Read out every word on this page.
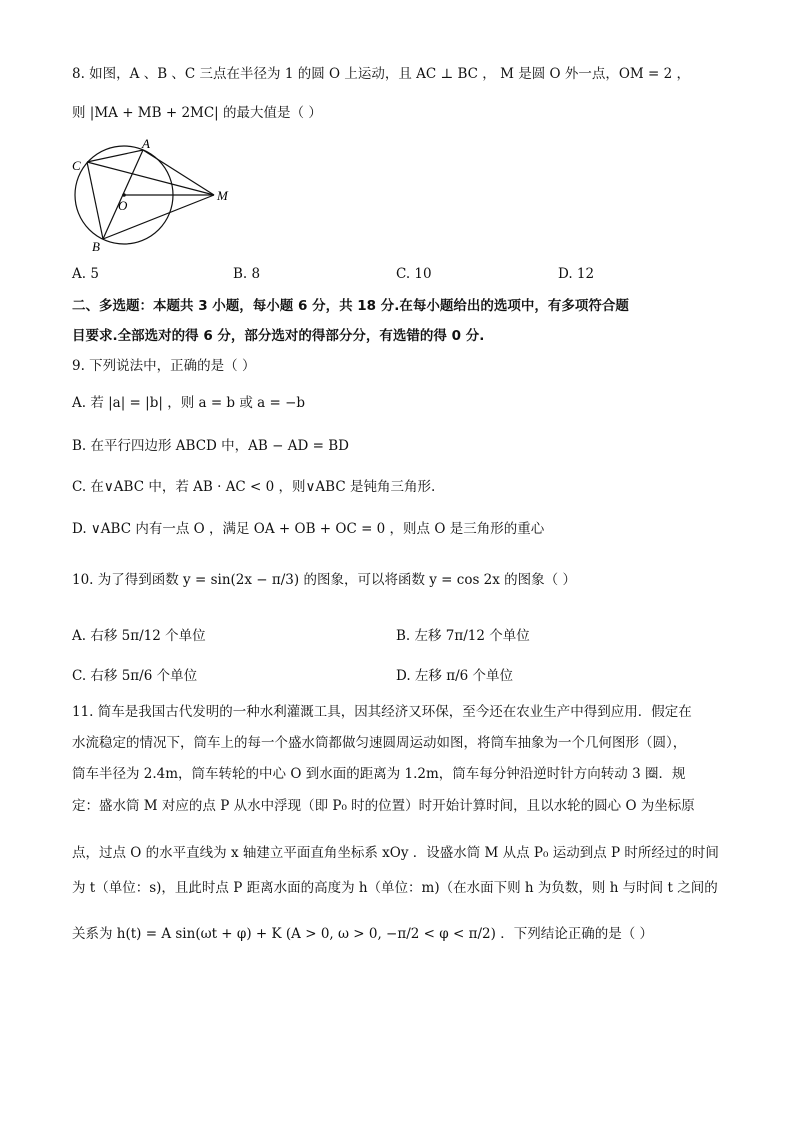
8. 如图，A 、B 、C 三点在半径为 1 的圆 O 上运动，且 AC ⊥ BC ， M 是圆 O 外一点，OM = 2 ，
则 |MA + MB + 2MC| 的最大值是（ ）
A
C
B
O
M
A. 5	B. 8	C. 10	D. 12
二、多选题：本题共 3 小题，每小题 6 分，共 18 分.在每小题给出的选项中，有多项符合题
目要求.全部选对的得 6 分，部分选对的得部分分，有选错的得 0 分.
9. 下列说法中，正确的是（ ）
A. 若 |a| = |b| ，则 a = b 或 a = −b
B. 在平行四边形 ABCD 中，AB − AD = BD
C. 在∨ABC 中，若 AB · AC < 0 ，则∨ABC 是钝角三角形.
D. ∨ABC 内有一点 O ，满足 OA + OB + OC = 0 ，则点 O 是三角形的重心
10. 为了得到函数 y = sin(2x − π/3) 的图象，可以将函数 y = cos 2x 的图象（ ）
A. 右移 5π/12 个单位	B. 左移 7π/12 个单位
C. 右移 5π/6 个单位	D. 左移 π/6 个单位
11. 简车是我国古代发明的一种水利灌溉工具，因其经济又环保，至今还在农业生产中得到应用．假定在
水流稳定的情况下，筒车上的每一个盛水筒都做匀速圆周运动如图，将筒车抽象为一个几何图形（圆），
筒车半径为 2.4m，筒车转轮的中心 O 到水面的距离为 1.2m，筒车每分钟沿逆时针方向转动 3 圈．规
定：盛水筒 M 对应的点 P 从水中浮现（即 P₀ 时的位置）时开始计算时间，且以水轮的圆心 O 为坐标原
点，过点 O 的水平直线为 x 轴建立平面直角坐标系 xOy ．设盛水筒 M 从点 P₀ 运动到点 P 时所经过的时间
为 t（单位：s)，且此时点 P 距离水面的高度为 h（单位：m)（在水面下则 h 为负数，则 h 与时间 t 之间的
关系为 h(t) = A sin(ωt + φ) + K (A > 0, ω > 0, −π/2 < φ < π/2) ．下列结论正确的是（ ）
